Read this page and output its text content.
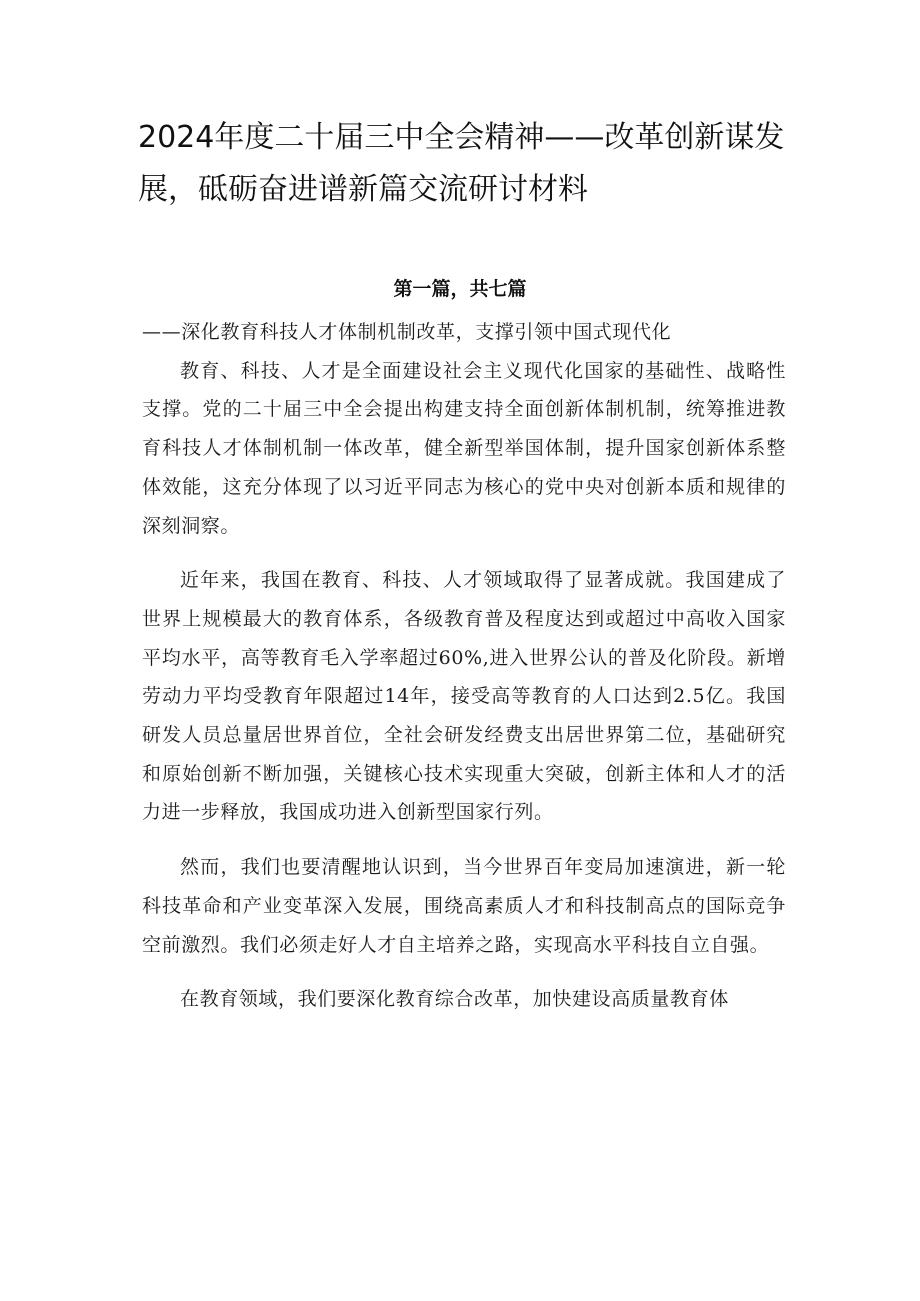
2024年度二十届三中全会精神——改革创新谋发展，砥砺奋进谱新篇交流研讨材料
第一篇，共七篇

——深化教育科技人才体制机制改革，支撑引领中国式现代化

教育、科技、人才是全面建设社会主义现代化国家的基础性、战略性支撑。党的二十届三中全会提出构建支持全面创新体制机制，统筹推进教育科技人才体制机制一体改革，健全新型举国体制，提升国家创新体系整体效能，这充分体现了以习近平同志为核心的党中央对创新本质和规律的深刻洞察。

近年来，我国在教育、科技、人才领域取得了显著成就。我国建成了世界上规模最大的教育体系，各级教育普及程度达到或超过中高收入国家平均水平，高等教育毛入学率超过60%,进入世界公认的普及化阶段。新增劳动力平均受教育年限超过14年，接受高等教育的人口达到2.5亿。我国研发人员总量居世界首位，全社会研发经费支出居世界第二位，基础研究和原始创新不断加强，关键核心技术实现重大突破，创新主体和人才的活力进一步释放，我国成功进入创新型国家行列。

然而，我们也要清醒地认识到，当今世界百年变局加速演进，新一轮科技革命和产业变革深入发展，围绕高素质人才和科技制高点的国际竞争空前激烈。我们必须走好人才自主培养之路，实现高水平科技自立自强。

在教育领域，我们要深化教育综合改革，加快建设高质量教育体
